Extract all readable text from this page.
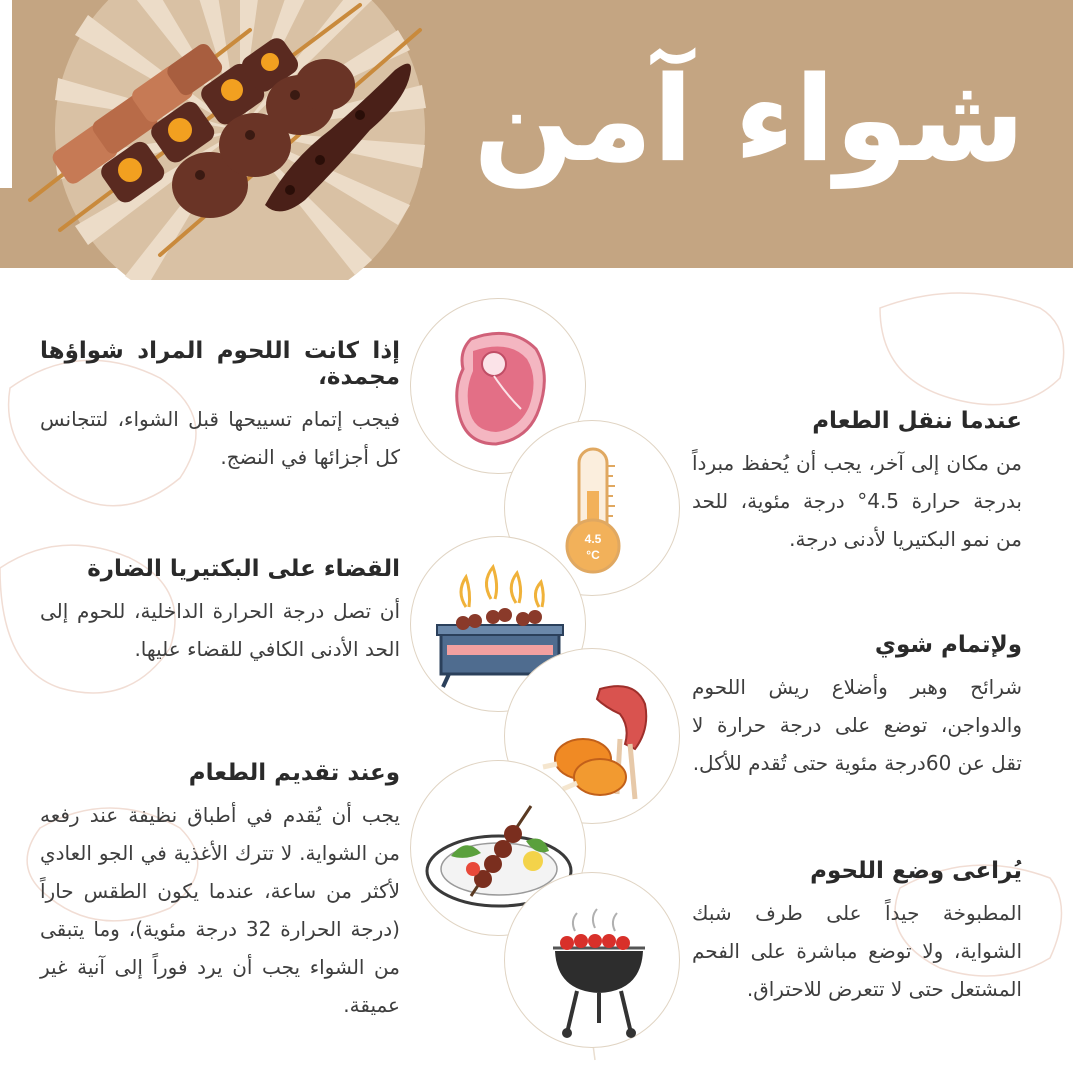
شواء آمن
4.5
°C
إذا كانت اللحوم المراد شواؤها مجمدة،

فيجب إتمام تسييحها قبل الشواء، لتتجانس كل أجزائها في النضج.

القضاء على البكتيريا الضارة

أن تصل درجة الحرارة الداخلية، للحوم إلى الحد الأدنى الكافي للقضاء عليها.

وعند تقديم الطعام

يجب أن يُقدم في أطباق نظيفة عند رفعه من الشواية. لا تترك الأغذية في الجو العادي لأكثر من ساعة، عندما يكون الطقس حاراً (درجة الحرارة 32 درجة مئوية)، وما يتبقى من الشواء يجب أن يرد فوراً إلى آنية غير عميقة.

عندما ننقل الطعام

من مكان إلى آخر، يجب أن يُحفظ مبرداً بدرجة حرارة 4.5° درجة مئوية، للحد من نمو البكتيريا لأدنى درجة.

ولإتمام شوي

شرائح وهبر وأضلاع ريش اللحوم والدواجن، توضع على درجة حرارة لا تقل عن 60درجة مئوية حتى تُقدم للأكل.

يُراعى وضع اللحوم

المطبوخة جيداً على طرف شبك الشواية، ولا توضع مباشرة على الفحم المشتعل حتى لا تتعرض للاحتراق.
